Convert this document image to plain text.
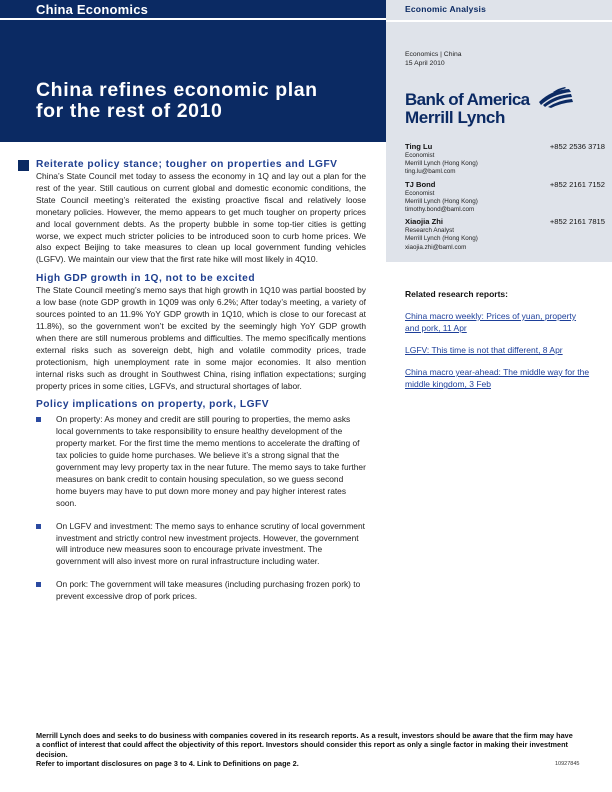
China Economics
China refines economic plan
for the rest of 2010
Economic Analysis
Economics | China
15 April 2010
Bank of America
Merrill Lynch
Ting Lu	+852 2536 3718
Economist
Merrill Lynch (Hong Kong)
ting.lu@baml.com
TJ Bond	+852 2161 7152
Economist
Merrill Lynch (Hong Kong)
timothy.bond@baml.com
Xiaojia Zhi	+852 2161 7815
Research Analyst
Merrill Lynch (Hong Kong)
xiaojia.zhi@baml.com
Related research reports:
China macro weekly: Prices of yuan, property and pork, 11 Apr
LGFV: This time is not that different, 8 Apr
China macro year-ahead: The middle way for the middle kingdom, 3 Feb
Reiterate policy stance; tougher on properties and LGFV

China’s State Council met today to assess the economy in 1Q and lay out a plan for the rest of the year. Still cautious on current global and domestic economic conditions, the State Council meeting’s reiterated the existing proactive fiscal and relatively loose monetary policies. However, the memo appears to get much tougher on property prices and local government debts. As the property bubble in some top-tier cities is getting worse, we expect much stricter policies to be introduced soon to curb home prices. We also expect Beijing to take measures to clean up local government funding vehicles (LGFV). We maintain our view that the first rate hike will most likely in 4Q10.

High GDP growth in 1Q, not to be excited

The State Council meeting’s memo says that high growth in 1Q10 was partial boosted by a low base (note GDP growth in 1Q09 was only 6.2%; After today’s meeting, a variety of sources pointed to an 11.9% YoY GDP growth in 1Q10, which is close to our forecast at 11.8%), so the government won’t be excited by the seemingly high YoY GDP growth when there are still numerous problems and difficulties. The memo specifically mentions external risks such as sovereign debt, high and volatile commodity prices, trade protectionism, high unemployment rate in some major economies. It also mention internal risks such as drought in Southwest China, rising inflation expectations; surging property prices in some cities, LGFVs, and structural shortages of labor.

Policy implications on property, pork, LGFV
On property: As money and credit are still pouring to properties, the memo asks local governments to take responsibility to ensure healthy development of the property market. For the first time the memo mentions to accelerate the drafting of tax policies to guide home purchases. We believe it’s a strong signal that the government may levy property tax in the near future. The memo says to take further measures on bank credit to contain housing speculation, so we guess second home buyers may have to put down more money and pay higher interest rates soon.
On LGFV and investment: The memo says to enhance scrutiny of local government investment and strictly control new investment projects. However, the government will introduce new measures soon to encourage private investment. The government will also invest more on rural infrastructure including water.
On pork: The government will take measures (including purchasing frozen pork) to prevent excessive drop of pork prices.
Merrill Lynch does and seeks to do business with companies covered in its research reports. As a result, investors should be aware that the firm may have a conflict of interest that could affect the objectivity of this report. Investors should consider this report as only a single factor in making their investment decision.
Refer to important disclosures on page 3 to 4. Link to Definitions on page 2.	10927845
